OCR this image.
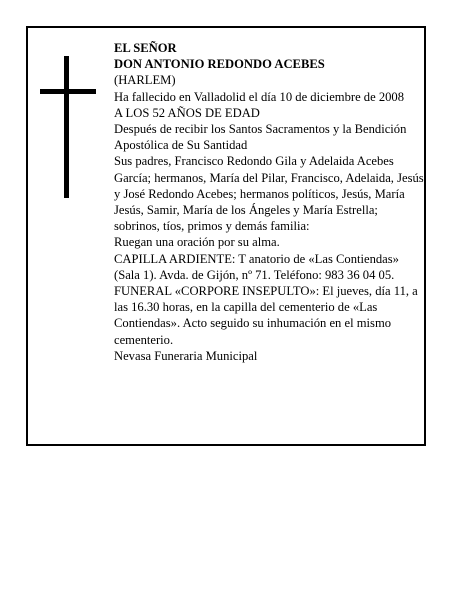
EL SEÑOR

DON ANTONIO REDONDO ACEBES

(HARLEM)

Ha fallecido en Valladolid el día 10 de diciembre de 2008

A LOS 52 AÑOS DE EDAD

Después de recibir los Santos Sacramentos y la Bendición Apostólica de Su Santidad

Sus padres, Francisco Redondo Gila y Adelaida Acebes García; hermanos, María del Pilar, Francisco, Adelaida, Jesús y José Redondo Acebes; hermanos políticos, Jesús, María Jesús, Samir, María de los Ángeles y María Estrella; sobrinos, tíos, primos y demás familia:

Ruegan una oración por su alma.

CAPILLA ARDIENTE: T anatorio de «Las Contiendas» (Sala 1). Avda. de Gijón, nº 71. Teléfono: 983 36 04 05.

FUNERAL «CORPORE INSEPULTO»: El jueves, día 11, a las 16.30 horas, en la capilla del cementerio de «Las Contiendas». Acto seguido su inhumación en el mismo cementerio.

Nevasa Funeraria Municipal
